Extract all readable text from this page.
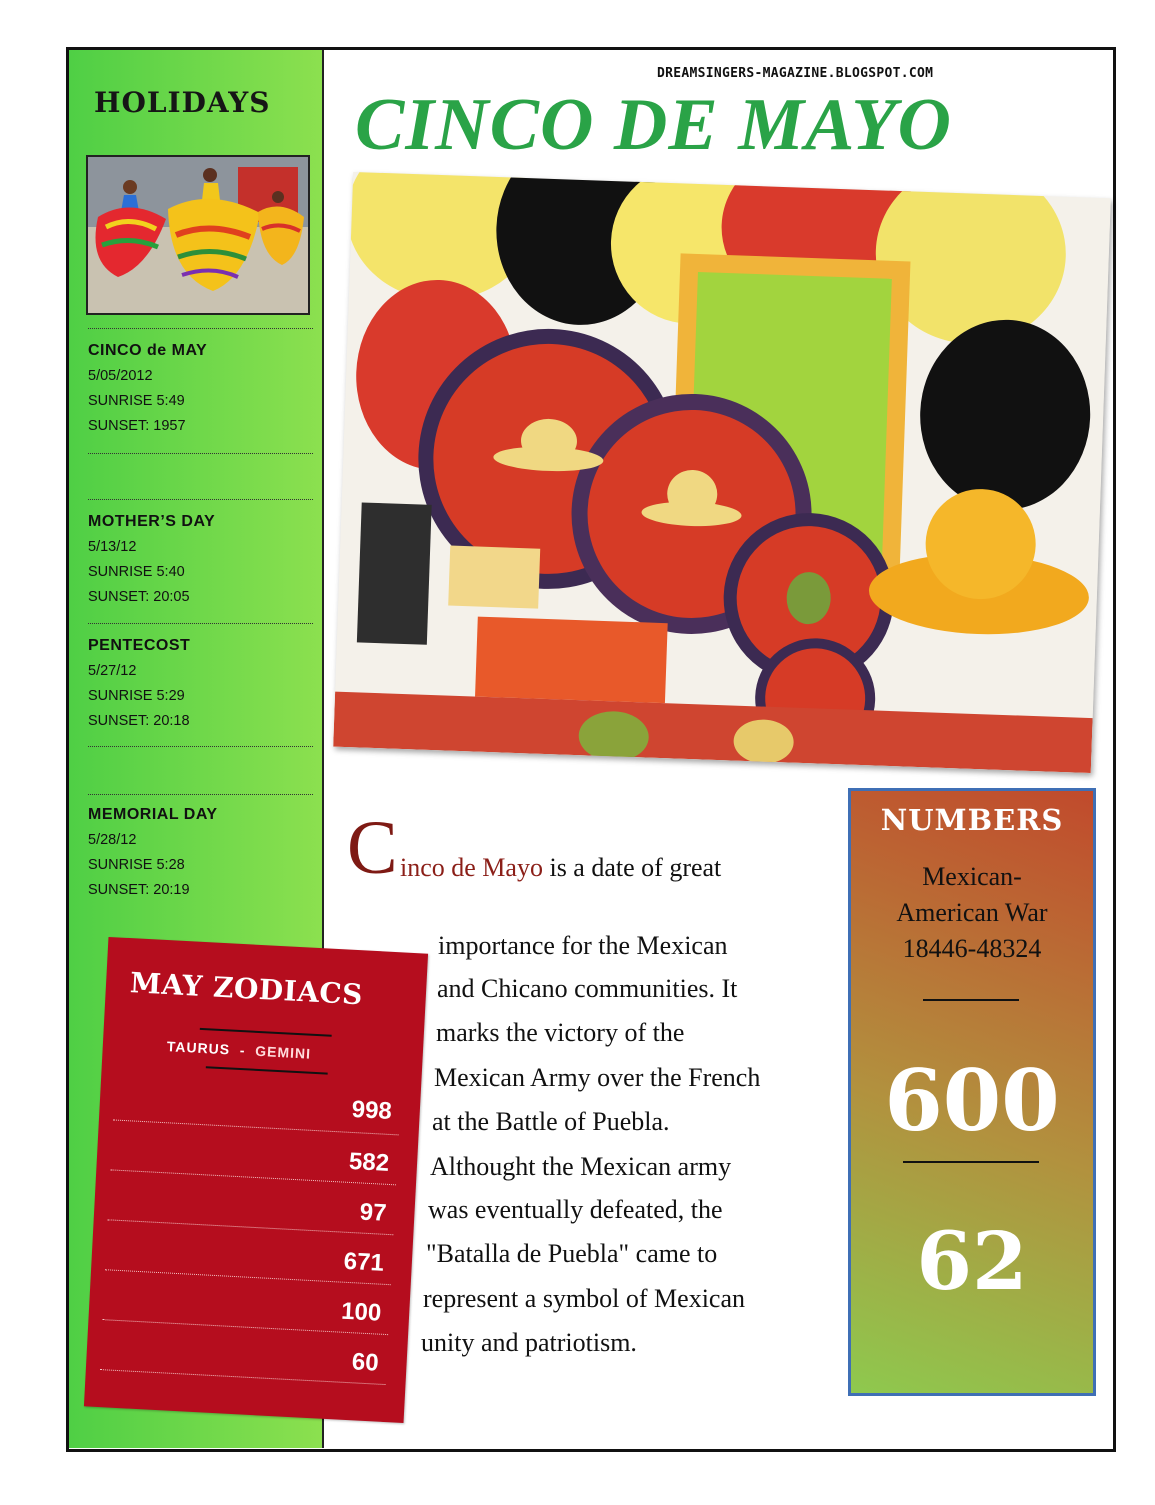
HOLIDAYS
CINCO de MAY
5/05/2012
SUNRISE 5:49
SUNSET: 1957
MOTHER’S DAY
5/13/12
SUNRISE 5:40
SUNSET: 20:05
PENTECOST
5/27/12
SUNRISE 5:29
SUNSET: 20:18
MEMORIAL DAY
5/28/12
SUNRISE 5:28
SUNSET: 20:19
MAY ZODIACS
TAURUS - GEMINI
998
582
97
671
100
60
DREAMSINGERS-MAGAZINE.BLOGSPOT.COM
CINCO DE MAYO
C inco de Mayo is a date of great
importance for the Mexican
and Chicano communities. It
marks the victory of the
Mexican Army over the French
at the Battle of Puebla.
Althought the Mexican army
was eventually defeated, the
"Batalla de Puebla" came to
represent a symbol of Mexican
unity and patriotism.
NUMBERS
Mexican-
American War
18446-48324
600
62
